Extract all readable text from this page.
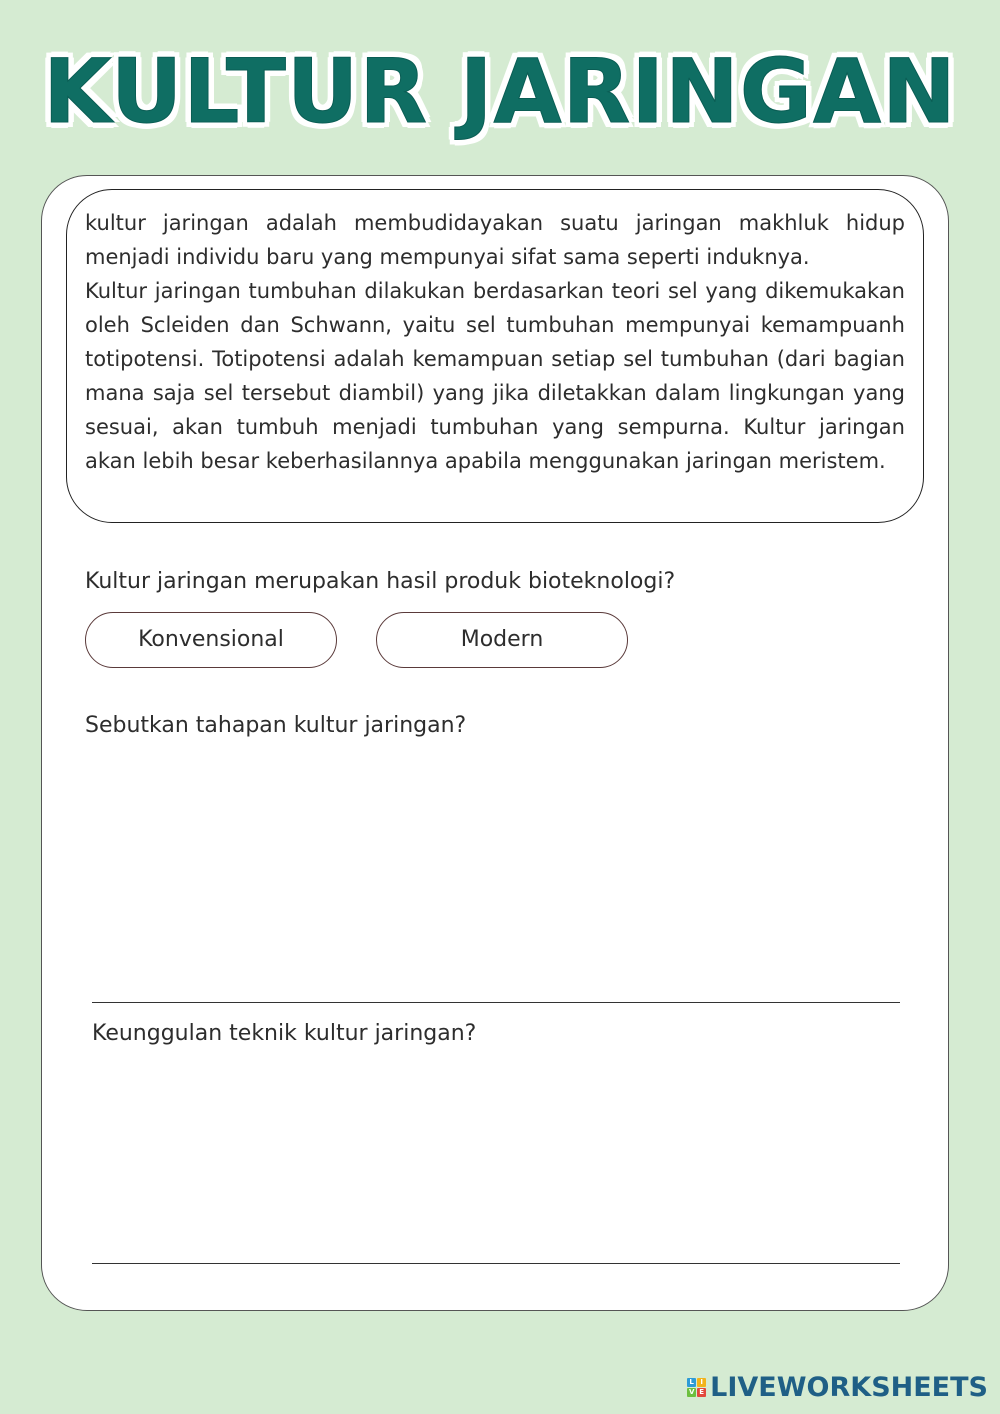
KULTUR JARINGAN

kultur jaringan adalah membudidayakan suatu jaringan makhluk hidup menjadi individu baru yang mempunyai sifat sama seperti induknya.
Kultur jaringan tumbuhan dilakukan berdasarkan teori sel yang dikemukakan oleh Scleiden dan Schwann, yaitu sel tumbuhan mempunyai kemampuanh totipotensi. Totipotensi adalah kemampuan setiap sel tumbuhan (dari bagian mana saja sel tersebut diambil) yang jika diletakkan dalam lingkungan yang sesuai, akan tumbuh menjadi tumbuhan yang sempurna. Kultur jaringan akan lebih besar keberhasilannya apabila menggunakan jaringan meristem.

Kultur jaringan merupakan hasil produk bioteknologi?
Konvensional	Modern
Sebutkan tahapan kultur jaringan?
Keunggulan teknik kultur jaringan?
L I
V E LIVEWORKSHEETS
